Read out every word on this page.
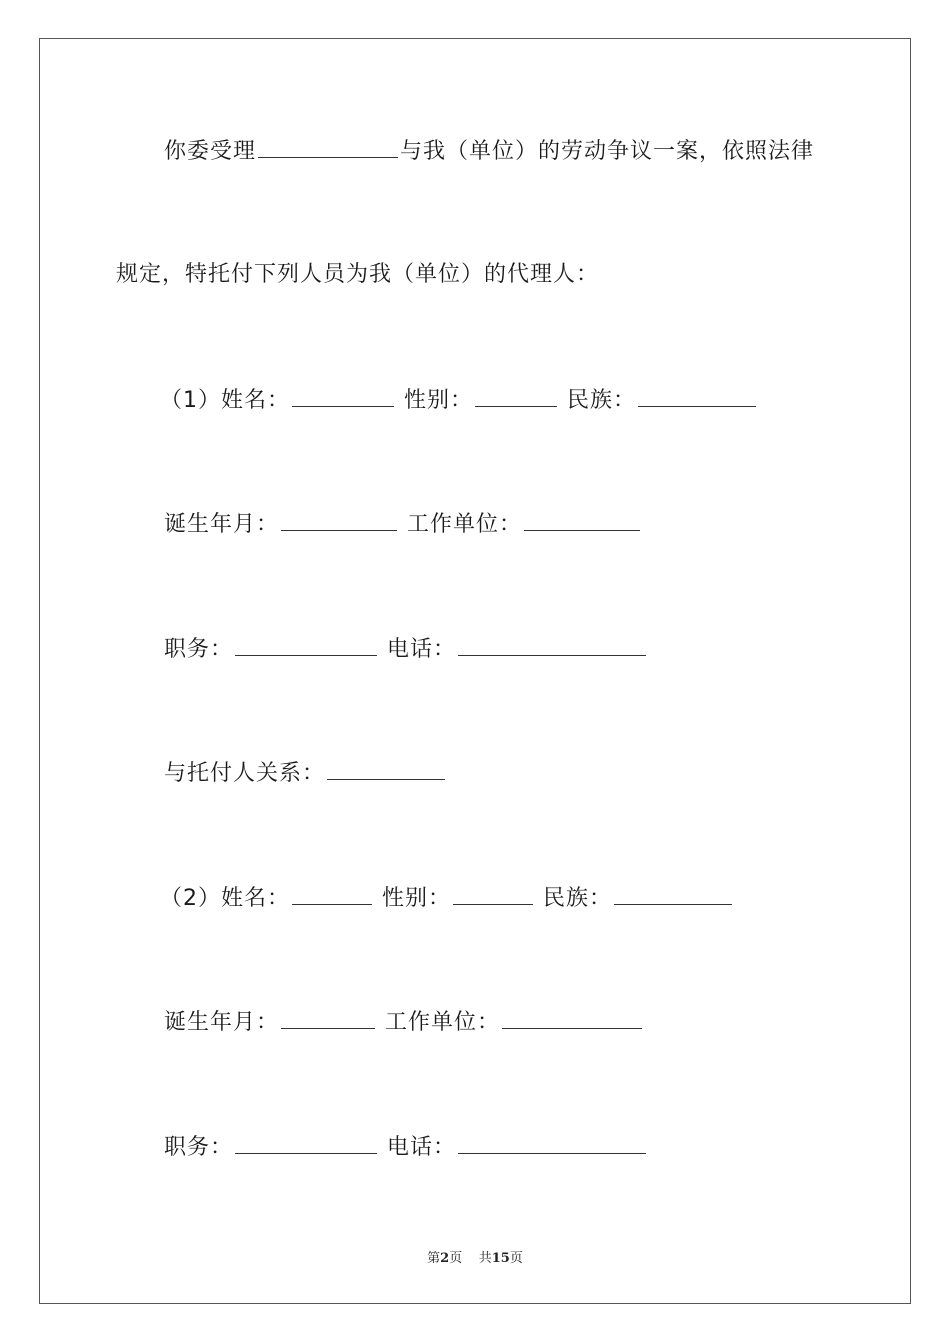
你委受理	与我（单位）的劳动争议一案，依照法律
规定，特托付下列人员为我（单位）的代理人：
（1）姓名：	性别：	民族：
诞生年月：	工作单位：
职务：	电话：
与托付人关系：
（2）姓名：	性别：	民族：
诞生年月：	工作单位：
职务：	电话：
第2页 共15页
